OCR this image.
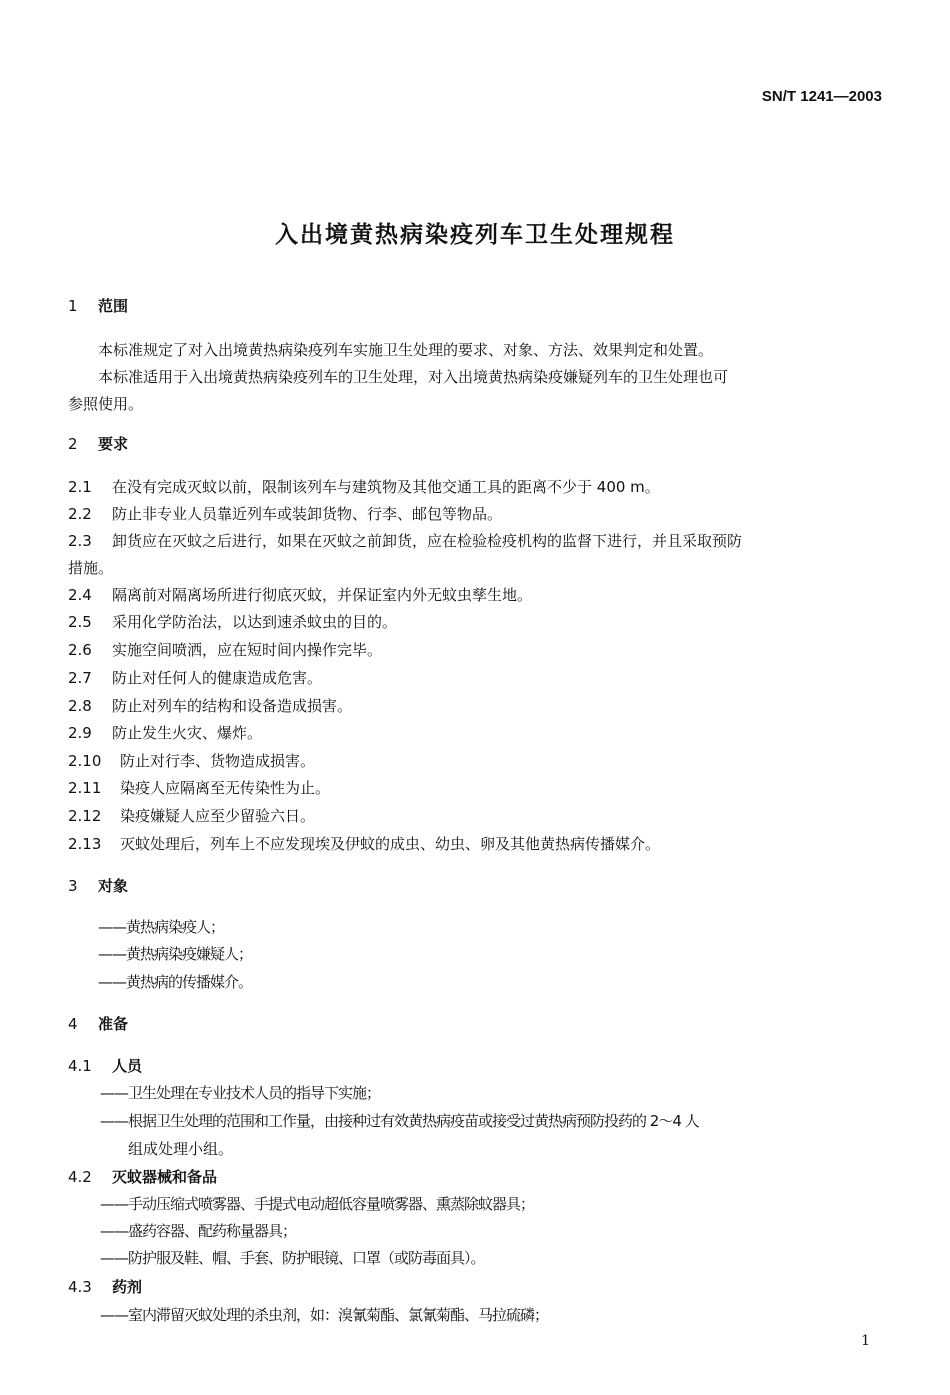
SN/T 1241—2003
入出境黄热病染疫列车卫生处理规程
1 范围
本标准规定了对入出境黄热病染疫列车实施卫生处理的要求、对象、方法、效果判定和处置。
本标准适用于入出境黄热病染疫列车的卫生处理，对入出境黄热病染疫嫌疑列车的卫生处理也可
参照使用。
2 要求
2.1 在没有完成灭蚊以前，限制该列车与建筑物及其他交通工具的距离不少于 400 m。
2.2 防止非专业人员靠近列车或装卸货物、行李、邮包等物品。
2.3 卸货应在灭蚊之后进行，如果在灭蚊之前卸货，应在检验检疫机构的监督下进行，并且采取预防
措施。
2.4 隔离前对隔离场所进行彻底灭蚊，并保证室内外无蚊虫孳生地。
2.5 采用化学防治法，以达到速杀蚊虫的目的。
2.6 实施空间喷洒，应在短时间内操作完毕。
2.7 防止对任何人的健康造成危害。
2.8 防止对列车的结构和设备造成损害。
2.9 防止发生火灾、爆炸。
2.10 防止对行李、货物造成损害。
2.11 染疫人应隔离至无传染性为止。
2.12 染疫嫌疑人应至少留验六日。
2.13 灭蚊处理后，列车上不应发现埃及伊蚊的成虫、幼虫、卵及其他黄热病传播媒介。
3 对象
——黄热病染疫人；
——黄热病染疫嫌疑人；
——黄热病的传播媒介。
4 准备
4.1 人员
——卫生处理在专业技术人员的指导下实施；
——根据卫生处理的范围和工作量，由接种过有效黄热病疫苗或接受过黄热病预防投药的 2～4 人
组成处理小组。
4.2 灭蚊器械和备品
——手动压缩式喷雾器、手提式电动超低容量喷雾器、熏蒸除蚊器具；
——盛药容器、配药称量器具；
——防护服及鞋、帽、手套、防护眼镜、口罩（或防毒面具）。
4.3 药剂
——室内滞留灭蚊处理的杀虫剂，如：溴氰菊酯、氯氰菊酯、马拉硫磷；
1
